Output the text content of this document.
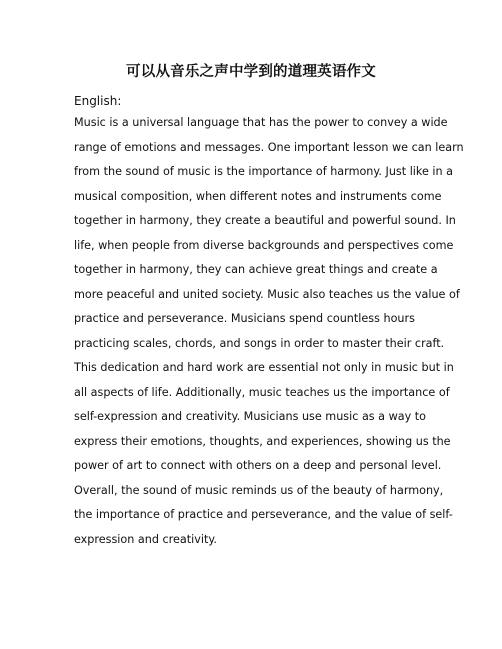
可以从音乐之声中学到的道理英语作文
English:
Music is a universal language that has the power to convey a wide
range of emotions and messages. One important lesson we can learn
from the sound of music is the importance of harmony. Just like in a
musical composition, when different notes and instruments come
together in harmony, they create a beautiful and powerful sound. In
life, when people from diverse backgrounds and perspectives come
together in harmony, they can achieve great things and create a
more peaceful and united society. Music also teaches us the value of
practice and perseverance. Musicians spend countless hours
practicing scales, chords, and songs in order to master their craft.
This dedication and hard work are essential not only in music but in
all aspects of life. Additionally, music teaches us the importance of
self-expression and creativity. Musicians use music as a way to
express their emotions, thoughts, and experiences, showing us the
power of art to connect with others on a deep and personal level.
Overall, the sound of music reminds us of the beauty of harmony,
the importance of practice and perseverance, and the value of self-
expression and creativity.
